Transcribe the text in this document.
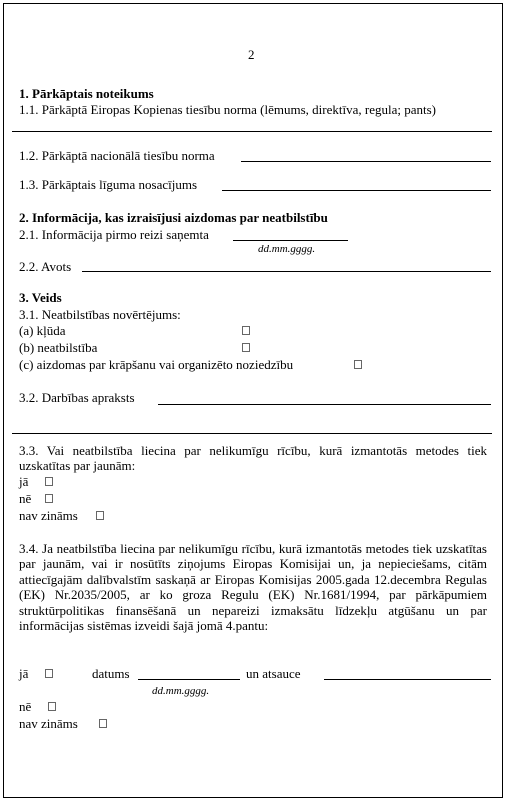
2
1. Pārkāptais noteikums
1.1. Pārkāptā Eiropas Kopienas tiesību norma (lēmums, direktīva, regula; pants)
1.2. Pārkāptā nacionālā tiesību norma
1.3. Pārkāptais līguma nosacījums
2. Informācija, kas izraisījusi aizdomas par neatbilstību
2.1. Informācija pirmo reizi saņemta
dd.mm.gggg.
2.2. Avots
3. Veids
3.1. Neatbilstības novērtējums:
(a) kļūda
(b) neatbilstība
(c) aizdomas par krāpšanu vai organizēto noziedzību
3.2. Darbības apraksts
3.3. Vai neatbilstība liecina par nelikumīgu rīcību, kurā izmantotās metodes tiek uzskatītas par jaunām:
jā
nē
nav zināms
3.4. Ja neatbilstība liecina par nelikumīgu rīcību, kurā izmantotās metodes tiek uzskatītas par jaunām, vai ir nosūtīts ziņojums Eiropas Komisijai un, ja nepieciešams, citām attiecīgajām dalībvalstīm saskaņā ar Eiropas Komisijas 2005.gada 12.decembra Regulas (EK) Nr.2035/2005, ar ko groza Regulu (EK) Nr.1681/1994, par pārkāpumiem struktūrpolitikas finansēšanā un nepareizi izmaksātu līdzekļu atgūšanu un par informācijas sistēmas izveidi šajā jomā 4.pantu:
jā	datums	un atsauce
dd.mm.gggg.
nē
nav zināms
